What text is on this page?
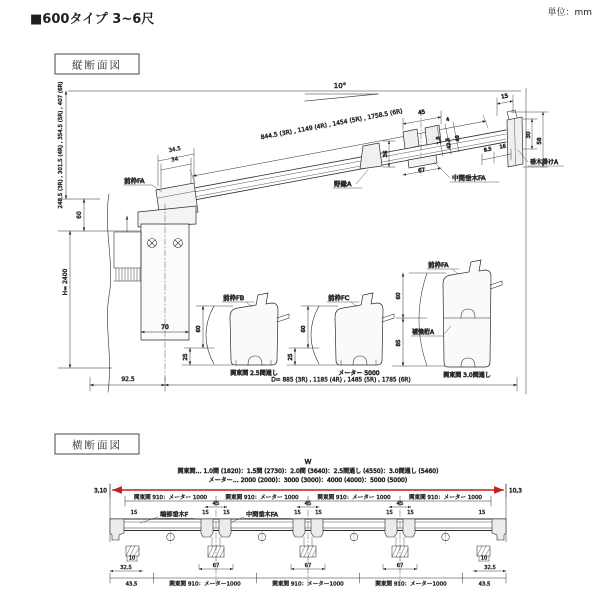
■600タイプ 3~6尺	単位：mm
縦断面図
248.5 (3R) , 301.5 (4R) , 354.5 (5R) , 407 (6R)
60
H= 2400
10°
844.5 (3R) , 1149 (4R) , 1454 (5R) , 1758.5 (6R)
34.5
34
前枠FA
70
野縁A
36
45
4
1.8 42.5 49
67
中間垂木FA
15
30
58
8.5 16
垂木掛けA
60
25
前枠FB
関東間 2.5間通し
60
25
前枠FC
メーター 5000
60
85
前枠FA
補強桁A
関東間 3.0間通し
92.5	D= 885 (3R) , 1185 (4R) , 1485 (5R) , 1785 (6R)
横断面図
W
関東間… 1.0間 (1820)：1.5間 (2730)：2.0間 (3640)：2.5間通し (4550)：3.0間通し (5460)
メーター… 2000 (2000)：3000 (3000)：4000 (4000)：5000 (5000)
3,10	10,3
関東間 910：メーター 1000	関東間 910：メーター 1000	関東間 910：メーター 1000	関東間 910：メーター 1000
45	45	45
15	15	15	15	15	15	15	15
端部垂木F	中間垂木FA
10
32.5
10
32.5
67	67	67
43.5	関東間 910：メーター1000	関東間 910：メーター1000	関東間 910：メーター1000	43.5
